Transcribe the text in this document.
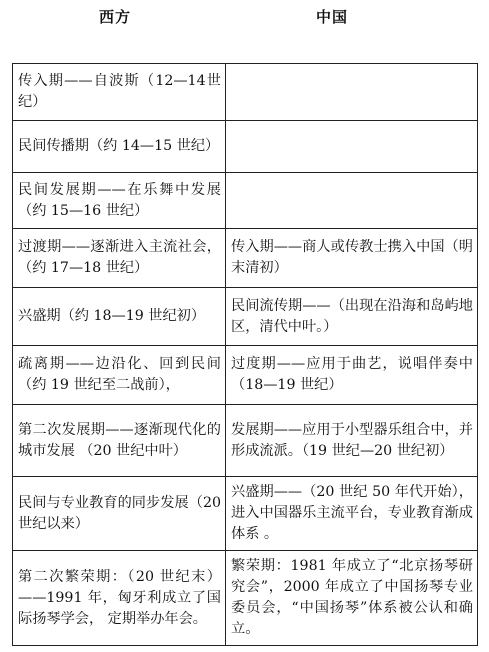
西方	中国
传入期——自波斯（12—14世纪）	
民间传播期（约 14—15 世纪）	
民间发展期——在乐舞中发展（约 15—16 世纪）	
过渡期——逐渐进入主流社会，（约 17—18 世纪）	传入期——商人或传教士携入中国（明末清初）
兴盛期（约 18—19 世纪初）	民间流传期——（出现在沿海和岛屿地区，清代中叶。）
疏离期——边沿化、回到民间（约 19 世纪至二战前），	过度期——应用于曲艺，说唱伴奏中（18—19 世纪）
第二次发展期——逐渐现代化的城市发展 （20 世纪中叶）	发展期——应用于小型器乐组合中，并形成流派。（19 世纪—20 世纪初）
民间与专业教育的同步发展（20 世纪以来）	兴盛期——（20 世纪 50 年代开始），进入中国器乐主流平台，专业教育渐成体系 。
第二次繁荣期：（20 世纪末）——1991 年，匈牙利成立了国际扬琴学会， 定期举办年会。	繁荣期：1981 年成立了“北京扬琴研究会”，2000 年成立了中国扬琴专业委员会，“中国扬琴”体系被公认和确立。
